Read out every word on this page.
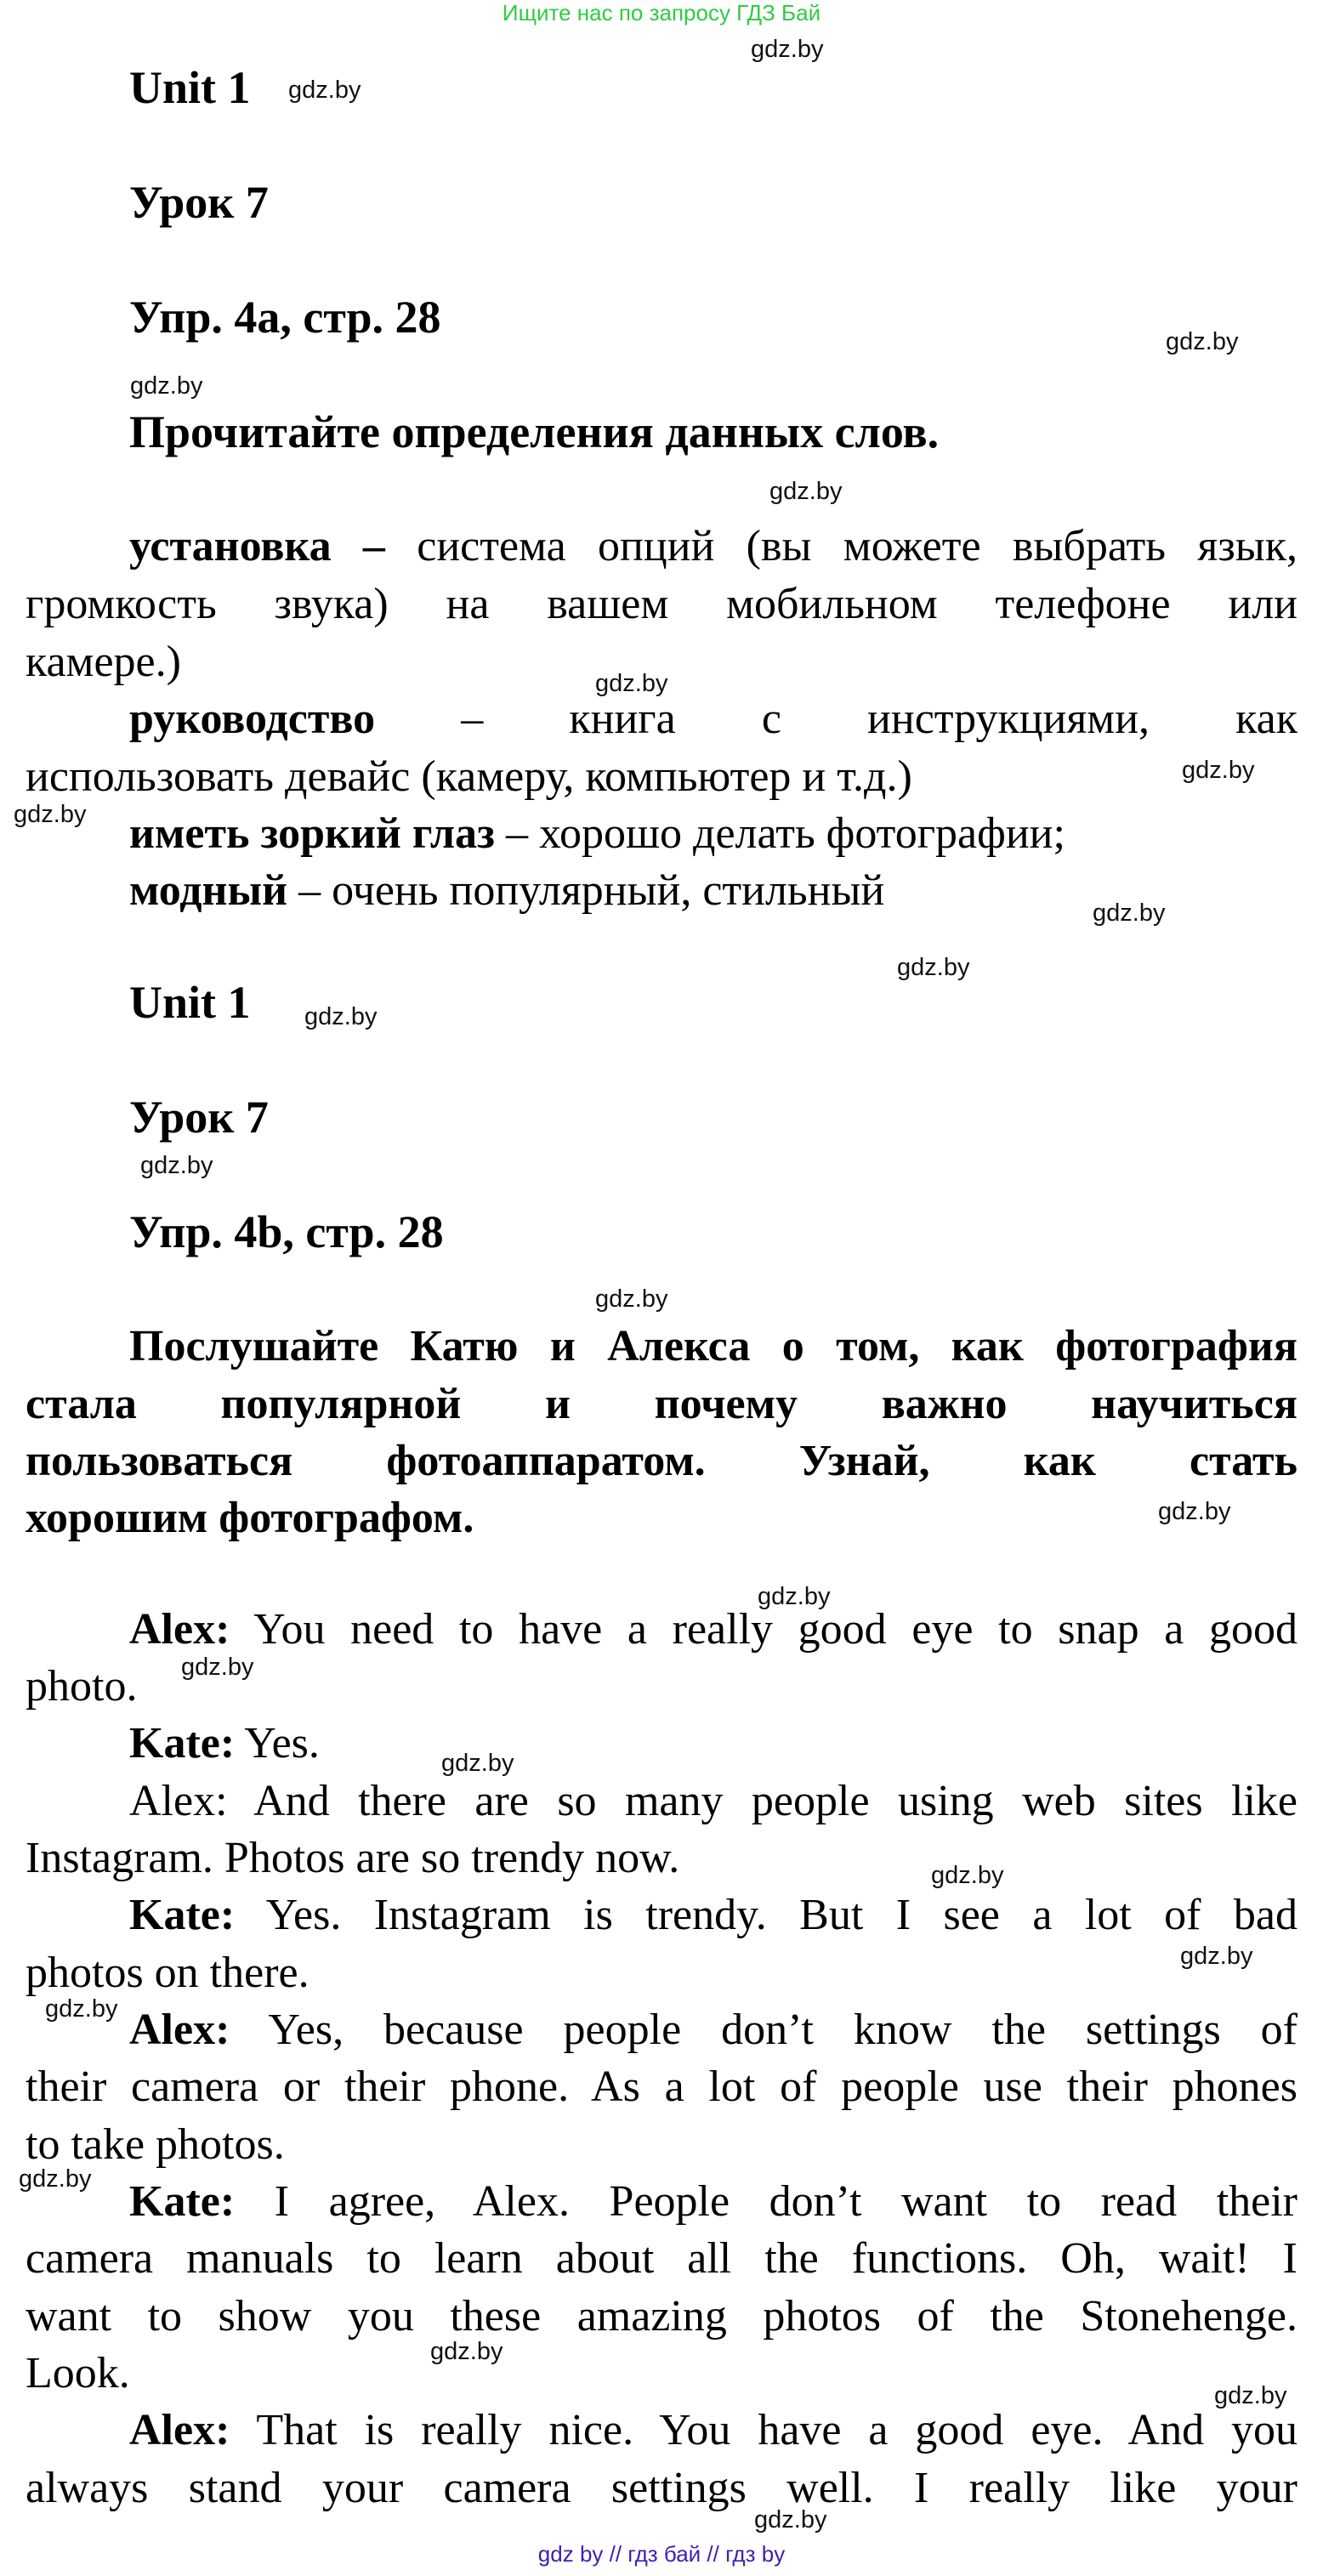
Ищите нас по запросу ГДЗ Бай
Unit 1
Урок 7
Упр. 4а, стр. 28
Прочитайте определения данных слов.
установка – система опций (вы можете выбрать язык,
громкость звука) на вашем мобильном телефоне или
камере.)
руководство – книга с инструкциями, как
использовать девайс (камеру, компьютер и т.д.)
иметь зоркий глаз – хорошо делать фотографии;
модный – очень популярный, стильный
Unit 1
Урок 7
Упр. 4b, стр. 28
Послушайте Катю и Алекса о том, как фотография
стала популярной и почему важно научиться
пользоваться фотоаппаратом. Узнай, как стать
хорошим фотографом.
Alex: You need to have a really good eye to snap a good
photo.
Kate: Yes.
Alex: And there are so many people using web sites like
Instagram. Photos are so trendy now.
Kate: Yes. Instagram is trendy. But I see a lot of bad
photos on there.
Alex: Yes, because people don’t know the settings of
their camera or their phone. As a lot of people use their phones
to take photos.
Kate: I agree, Alex. People don’t want to read their
camera manuals to learn about all the functions. Oh, wait! I
want to show you these amazing photos of the Stonehenge.
Look.
Alex: That is really nice. You have a good eye. And you
always stand your camera settings well. I really like your
gdz.by
gdz.by
gdz.by
gdz.by
gdz.by
gdz.by
gdz.by
gdz.by
gdz.by
gdz.by
gdz.by
gdz.by
gdz.by
gdz.by
gdz.by
gdz.by
gdz.by
gdz.by
gdz.by
gdz.by
gdz.by
gdz.by
gdz.by
gdz.by
gdz by // гдз бай // гдз by
